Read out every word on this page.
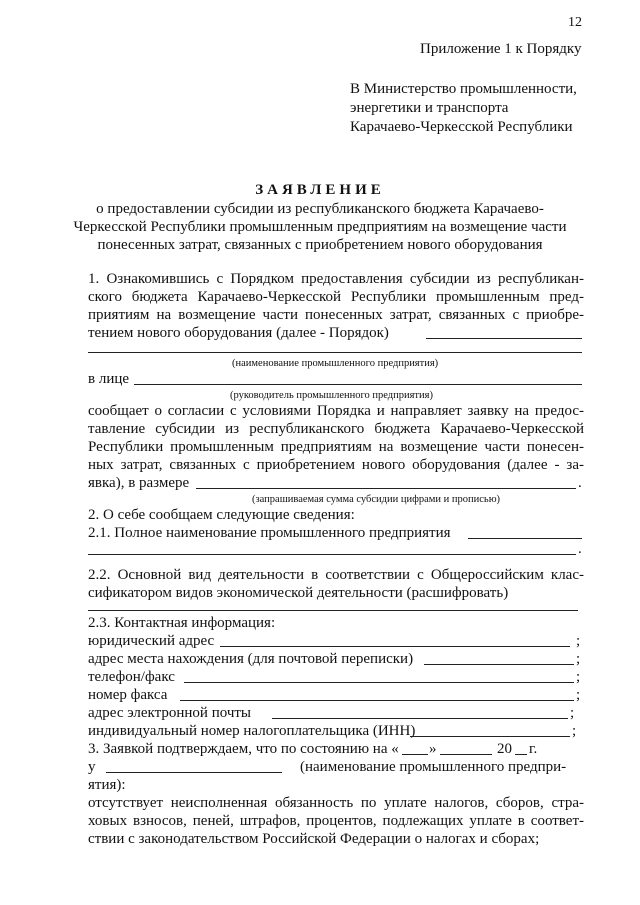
12
Приложение 1 к Порядку
В Министерство промышленности,
энергетики и транспорта
Карачаево-Черкесской Республики
ЗАЯВЛЕНИЕ
о предоставлении субсидии из республиканского бюджета Карачаево-
Черкесской Республики промышленным предприятиям на возмещение части
понесенных затрат, связанных с приобретением нового оборудования
1. Ознакомившись с Порядком предоставления субсидии из республикан-
ского бюджета Карачаево-Черкесской Республики промышленным пред-
приятиям на возмещение части понесенных затрат, связанных с приобре-
тением нового оборудования (далее - Порядок)
(наименование промышленного предприятия)
в лице
(руководитель промышленного предприятия)
сообщает о согласии с условиями Порядка и направляет заявку на предос-
тавление субсидии из республиканского бюджета Карачаево-Черкесской
Республики промышленным предприятиям на возмещение части понесен-
ных затрат, связанных с приобретением нового оборудования (далее - за-
явка), в размере	.
(запрашиваемая сумма субсидии цифрами и прописью)
2. О себе сообщаем следующие сведения:
2.1. Полное наименование промышленного предприятия
.
2.2. Основной вид деятельности в соответствии с Общероссийским клас-
сификатором видов экономической деятельности (расшифровать)
2.3. Контактная информация:
юридический адрес	;
адрес места нахождения (для почтовой переписки)	;
телефон/факс	;
номер факса	;
адрес электронной почты	;
индивидуальный номер налогоплательщика (ИНН)	;
3. Заявкой подтверждаем, что по состоянию на « »	20 г.
у	(наименование промышленного предпри-
ятия):
отсутствует неисполненная обязанность по уплате налогов, сборов, стра-
ховых взносов, пеней, штрафов, процентов, подлежащих уплате в соответ-
ствии с законодательством Российской Федерации о налогах и сборах;
